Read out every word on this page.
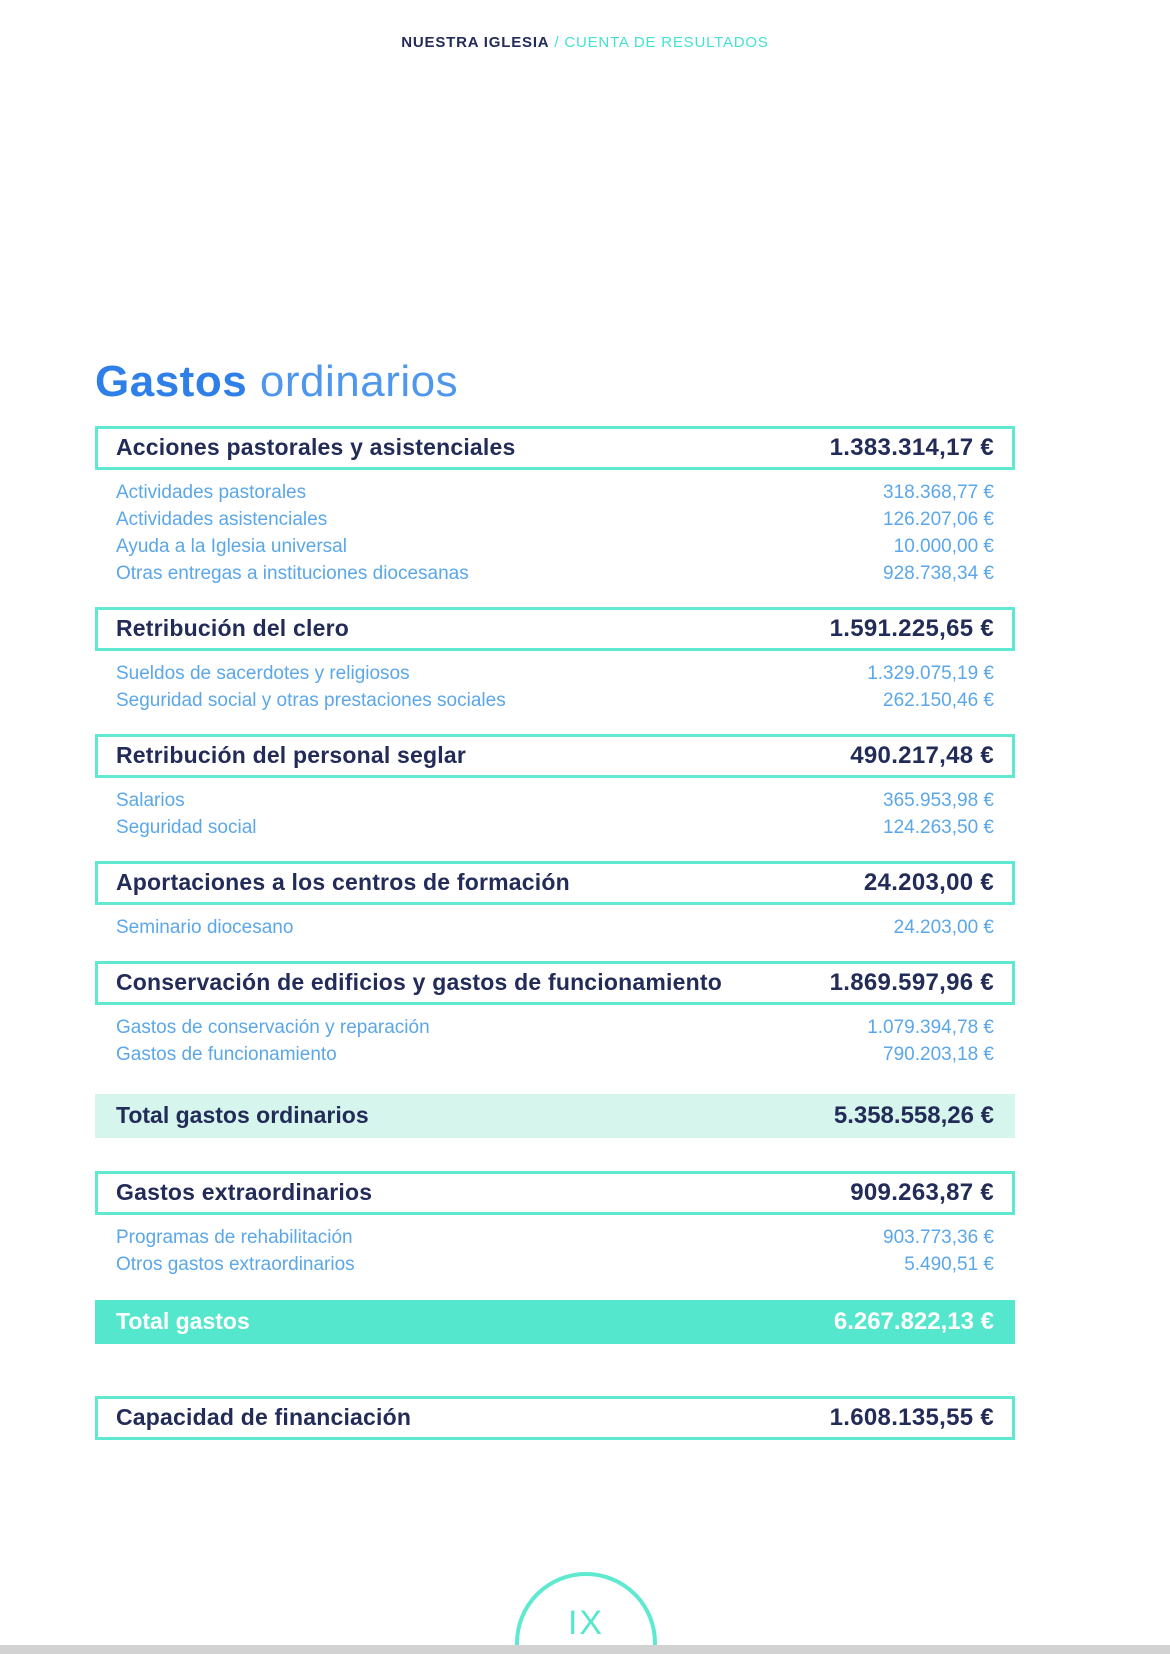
NUESTRA IGLESIA / CUENTA DE RESULTADOS
Gastos ordinarios
Acciones pastorales y asistenciales	1.383.314,17 €
Actividades pastorales	318.368,77 €
Actividades asistenciales	126.207,06 €
Ayuda a la Iglesia universal	10.000,00 €
Otras entregas a instituciones diocesanas	928.738,34 €
Retribución del clero	1.591.225,65 €
Sueldos de sacerdotes y religiosos	1.329.075,19 €
Seguridad social y otras prestaciones sociales	262.150,46 €
Retribución del personal seglar	490.217,48 €
Salarios	365.953,98 €
Seguridad social	124.263,50 €
Aportaciones a los centros de formación	24.203,00 €
Seminario diocesano	24.203,00 €
Conservación de edificios y gastos de funcionamiento	1.869.597,96 €
Gastos de conservación y reparación	1.079.394,78 €
Gastos de funcionamiento	790.203,18 €
Total gastos ordinarios	5.358.558,26 €
Gastos extraordinarios	909.263,87 €
Programas de rehabilitación	903.773,36 €
Otros gastos extraordinarios	5.490,51 €
Total gastos	6.267.822,13 €
Capacidad de financiación	1.608.135,55 €
IX
